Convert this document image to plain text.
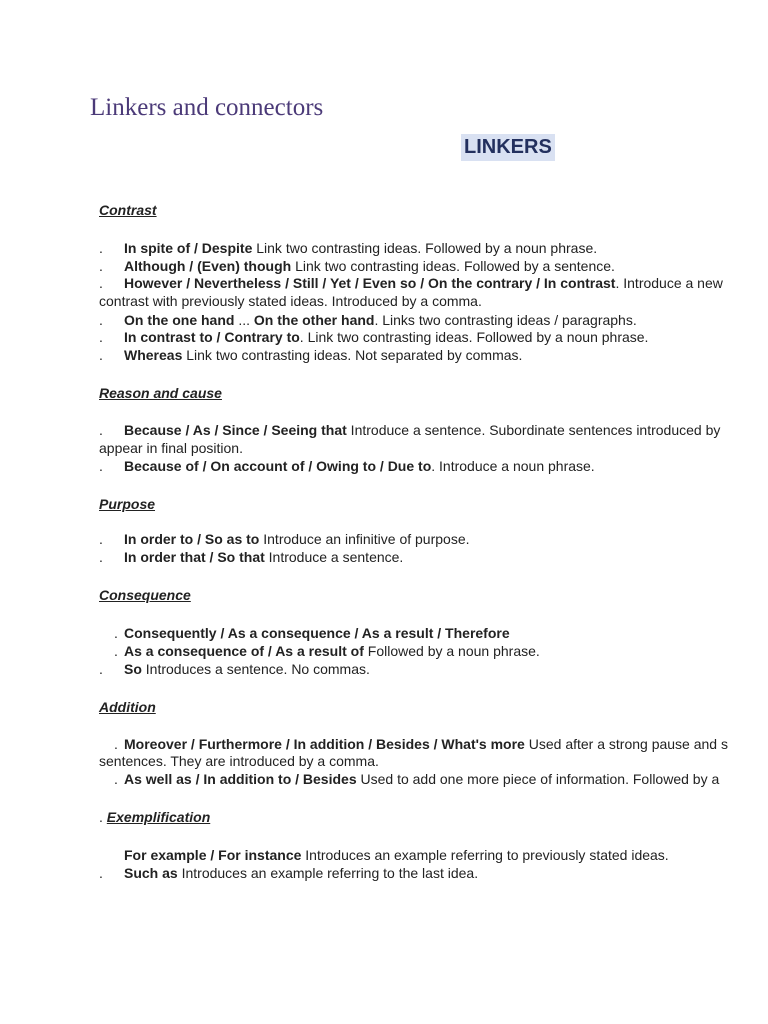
Linkers and connectors
LINKERS
Contrast
. In spite of / Despite Link two contrasting ideas. Followed by a noun phrase.
. Although / (Even) though Link two contrasting ideas. Followed by a sentence.
. However / Nevertheless / Still / Yet / Even so / On the contrary / In contrast. Introduce a new
contrast with previously stated ideas. Introduced by a comma.
. On the one hand ... On the other hand. Links two contrasting ideas / paragraphs.
. In contrast to / Contrary to. Link two contrasting ideas. Followed by a noun phrase.
. Whereas Link two contrasting ideas. Not separated by commas.
Reason and cause
. Because / As / Since / Seeing that Introduce a sentence. Subordinate sentences introduced by
appear in final position.
. Because of / On account of / Owing to / Due to. Introduce a noun phrase.
Purpose
. In order to / So as to Introduce an infinitive of purpose.
. In order that / So that Introduce a sentence.
Consequence
. Consequently / As a consequence / As a result / Therefore
. As a consequence of / As a result of Followed by a noun phrase.
. So Introduces a sentence. No commas.
Addition
. Moreover / Furthermore / In addition / Besides / What's more Used after a strong pause and s
sentences. They are introduced by a comma.
. As well as / In addition to / Besides Used to add one more piece of information. Followed by a
. Exemplification
For example / For instance Introduces an example referring to previously stated ideas.
. Such as Introduces an example referring to the last idea.
